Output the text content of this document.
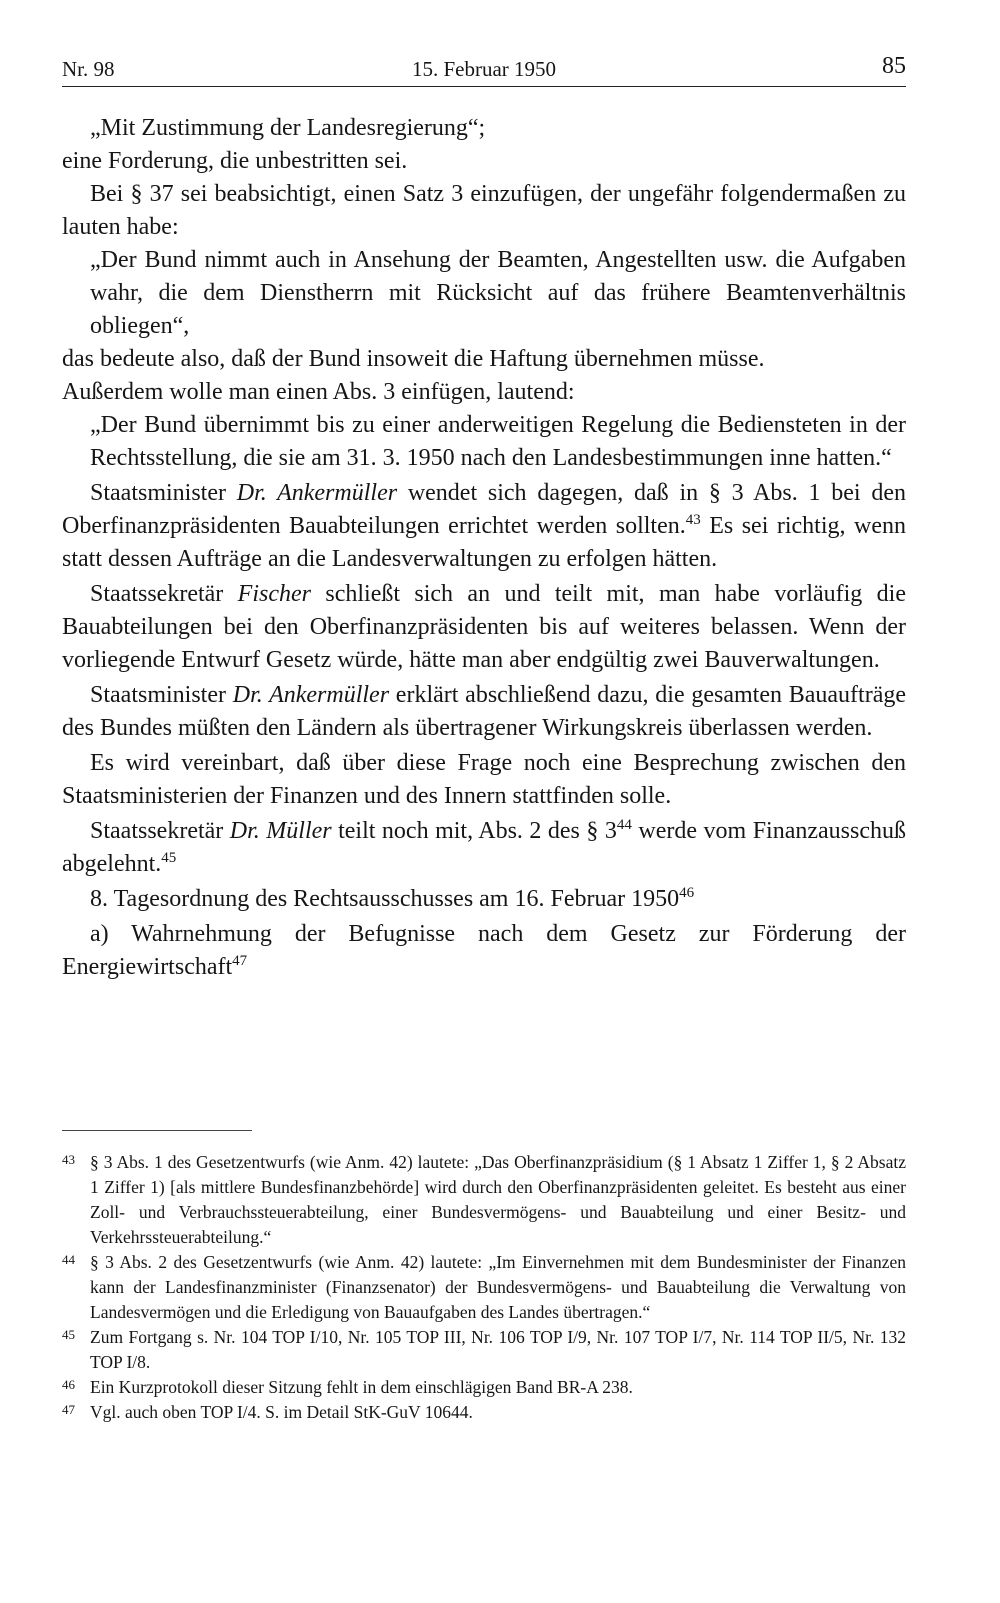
Nr. 98	15. Februar 1950	85

„Mit Zustimmung der Landesregierung“;

eine Forderung, die unbestritten sei.

Bei § 37 sei beabsichtigt, einen Satz 3 einzufügen, der ungefähr folgendermaßen zu lauten habe:

„Der Bund nimmt auch in Ansehung der Beamten, Angestellten usw. die Aufgaben wahr, die dem Dienstherrn mit Rücksicht auf das frühere Beamtenverhältnis obliegen“,

das bedeute also, daß der Bund insoweit die Haftung übernehmen müsse.

Außerdem wolle man einen Abs. 3 einfügen, lautend:

„Der Bund übernimmt bis zu einer anderweitigen Regelung die Bediensteten in der Rechtsstellung, die sie am 31. 3. 1950 nach den Landesbestimmungen inne hatten.“

Staatsminister Dr. Ankermüller wendet sich dagegen, daß in § 3 Abs. 1 bei den Oberfinanzpräsidenten Bauabteilungen errichtet werden sollten.$^{43}$ Es sei richtig, wenn statt dessen Aufträge an die Landesverwaltungen zu erfolgen hätten.

Staatssekretär Fischer schließt sich an und teilt mit, man habe vorläufig die Bauabteilungen bei den Oberfinanzpräsidenten bis auf weiteres belassen. Wenn der vorliegende Entwurf Gesetz würde, hätte man aber endgültig zwei Bauverwaltungen.

Staatsminister Dr. Ankermüller erklärt abschließend dazu, die gesamten Bauaufträge des Bundes müßten den Ländern als übertragener Wirkungskreis überlassen werden.

Es wird vereinbart, daß über diese Frage noch eine Besprechung zwischen den Staatsministerien der Finanzen und des Innern stattfinden solle.

Staatssekretär Dr. Müller teilt noch mit, Abs. 2 des § $3^{44}$ werde vom Finanzausschuß abgelehnt.$^{45}$

8. Tagesordnung des Rechtsausschusses am 16. Februar 1950$^{46}$

a) Wahrnehmung der Befugnisse nach dem Gesetz zur Förderung der Energiewirtschaft$^{47}$

43 § 3 Abs. 1 des Gesetzentwurfs (wie Anm. 42) lautete: „Das Oberfinanzpräsidium (§ 1 Absatz 1 Ziffer 1, § 2 Absatz 1 Ziffer 1) [als mittlere Bundesfinanzbehörde] wird durch den Oberfinanzpräsidenten geleitet. Es besteht aus einer Zoll- und Verbrauchssteuerabteilung, einer Bundesvermögens- und Bauabteilung und einer Besitz- und Verkehrssteuerabteilung.“

44 § 3 Abs. 2 des Gesetzentwurfs (wie Anm. 42) lautete: „Im Einvernehmen mit dem Bundesminister der Finanzen kann der Landesfinanzminister (Finanzsenator) der Bundesvermögens- und Bauabteilung die Verwaltung von Landesvermögen und die Erledigung von Bauaufgaben des Landes übertragen.“

45 Zum Fortgang s. Nr. 104 TOP I/10, Nr. 105 TOP III, Nr. 106 TOP I/9, Nr. 107 TOP I/7, Nr. 114 TOP II/5, Nr. 132 TOP I/8.

46 Ein Kurzprotokoll dieser Sitzung fehlt in dem einschlägigen Band BR-A 238.

47 Vgl. auch oben TOP I/4. S. im Detail StK-GuV 10644.
